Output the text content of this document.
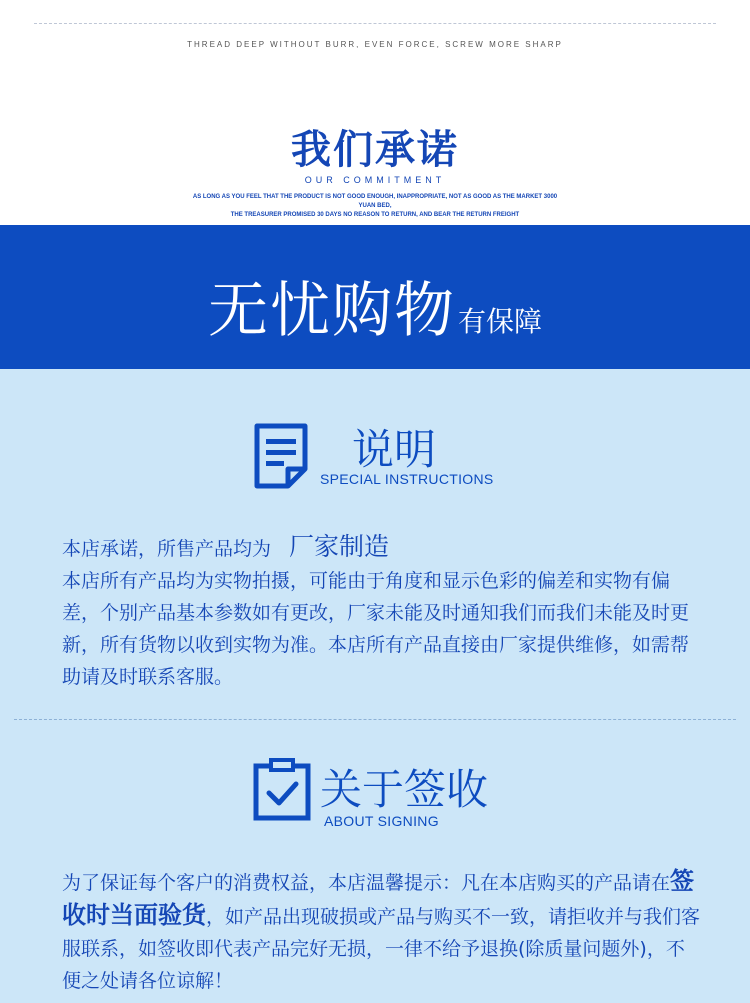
THREAD DEEP WITHOUT BURR, EVEN FORCE, SCREW MORE SHARP
我们承诺
OUR COMMITMENT
AS LONG AS YOU FEEL THAT THE PRODUCT IS NOT GOOD ENOUGH, INAPPROPRIATE, NOT AS GOOD AS THE MARKET 3000 YUAN BED,
THE TREASURER PROMISED 30 DAYS NO REASON TO RETURN, AND BEAR THE RETURN FREIGHT
无忧购物有保障
说明
SPECIAL INSTRUCTIONS
本店承诺，所售产品均为 厂家制造
本店所有产品均为实物拍摄，可能由于角度和显示色彩的偏差和实物有偏差，个别产品基本参数如有更改，厂家未能及时通知我们而我们未能及时更新，所有货物以收到实物为准。本店所有产品直接由厂家提供维修，如需帮助请及时联系客服。
关于签收
ABOUT SIGNING
为了保证每个客户的消费权益，本店温馨提示：凡在本店购买的产品请在签收时当面验货，如产品出现破损或产品与购买不一致，请拒收并与我们客服联系，如签收即代表产品完好无损，一律不给予退换(除质量问题外)，不便之处请各位谅解！
